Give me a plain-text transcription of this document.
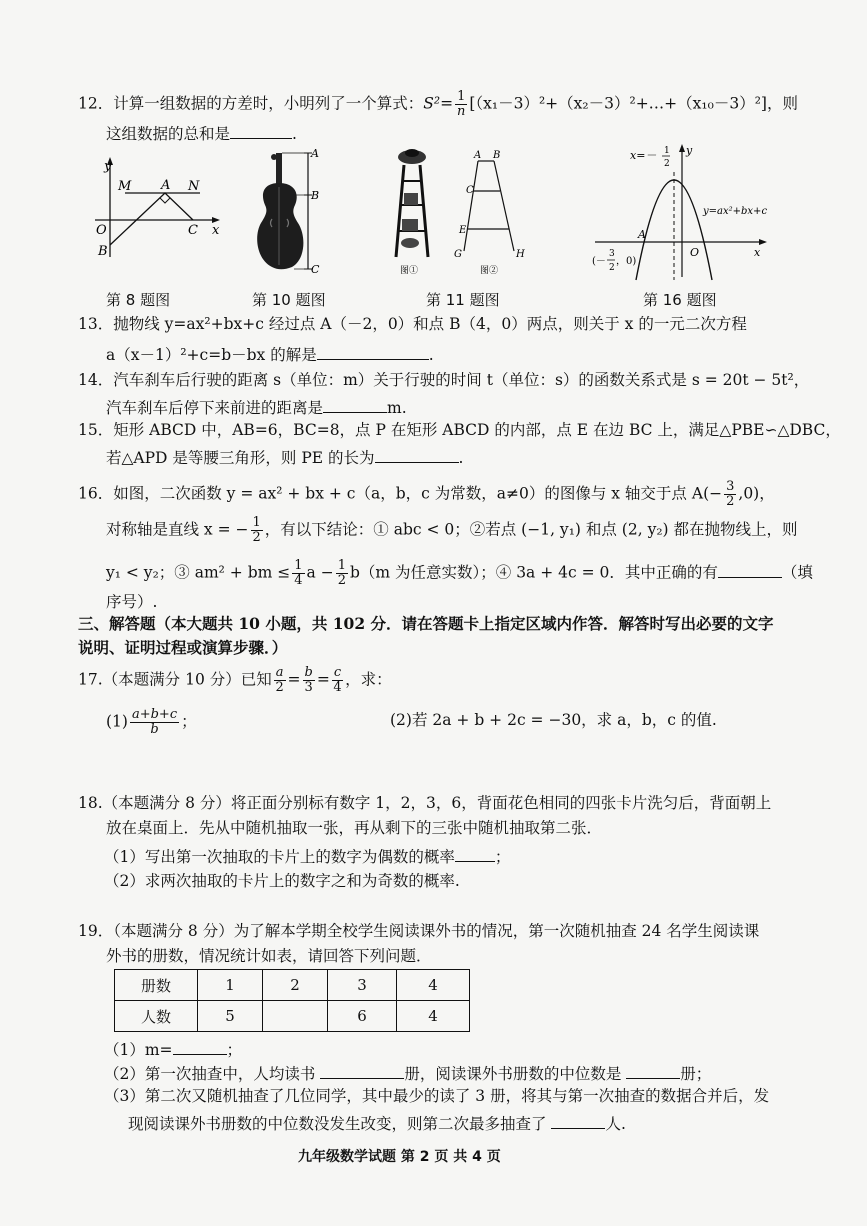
12．计算一组数据的方差时，小明列了一个算式：$S^2= \frac{1}{n}$ [（x₁－3）²+（x₂－3）²+…+（x₁₀－3）²]，则
这组数据的总和是	.
y
x
M A N
O	C
B
第 8 题图
A
B
C
第 10 题图
图①
A B
C
E
G	H
图②
第 11 题图
x=－ 1
2
y
x
A
O
y=ax²+bx+c
(－
3
2
，0)
第 16 题图
13．抛物线 y=ax²+bx+c 经过点 A（－2，0）和点 B（4，0）两点，则关于 x 的一元二次方程
a（x－1）²+c=b－bx 的解是	.
14．汽车刹车后行驶的距离 s（单位：m）关于行驶的时间 t（单位：s）的函数关系式是 s = 20t − 5t²，
汽车刹车后停下来前进的距离是	m.
15．矩形 ABCD 中，AB=6，BC=8，点 P 在矩形 ABCD 的内部，点 E 在边 BC 上，满足△PBE∽△DBC，
若△APD 是等腰三角形，则 PE 的长为	.
16．如图，二次函数 y = ax² + bx + c（a，b，c 为常数，a≠0）的图像与 x 轴交于点 $A(- \frac{3}{2} ,0)$，
对称轴是直线 x = − $\frac{1}{2}$ ，有以下结论：① abc < 0；②若点 (−1, y₁) 和点 (2, y₂) 都在抛物线上，则
y₁ < y₂；③ am² + bm ≤ $\frac{1}{4}$ $a - \frac{1}{2} b(m$ 为任意实数）；④ 3a + 4c = 0．其中正确的有	（填
序号）.
三、解答题（本大题共 10 小题，共 102 分．请在答题卡上指定区域内作答．解答时写出必要的文字
说明、证明过程或演算步骤．）
17.（本题满分 10 分）已知 $\frac{a}{2} = \frac{b}{3} = \frac{c}{4}$ ，求：
$(1) \frac{a+b+c}{b}$ ；	(2)若 2a + b + 2c = −30，求 a，b，c 的值.
18.（本题满分 8 分）将正面分别标有数字 1，2，3，6，背面花色相同的四张卡片洗匀后，背面朝上
放在桌面上．先从中随机抽取一张，再从剩下的三张中随机抽取第二张．
（1）写出第一次抽取的卡片上的数字为偶数的概率	；
（2）求两次抽取的卡片上的数字之和为奇数的概率.
19．（本题满分 8 分）为了解本学期全校学生阅读课外书的情况，第一次随机抽查 24 名学生阅读课
外书的册数，情况统计如表，请回答下列问题．
册数	1	2	3	4
人数	5		6	4
（1）m=	；
（2）第一次抽查中，人均读书	册，阅读课外书册数的中位数是	册；
（3）第二次又随机抽查了几位同学，其中最少的读了 3 册，将其与第一次抽查的数据合并后，发
现阅读课外书册数的中位数没发生改变，则第二次最多抽查了	人.
九年级数学试题 第 2 页 共 4 页
